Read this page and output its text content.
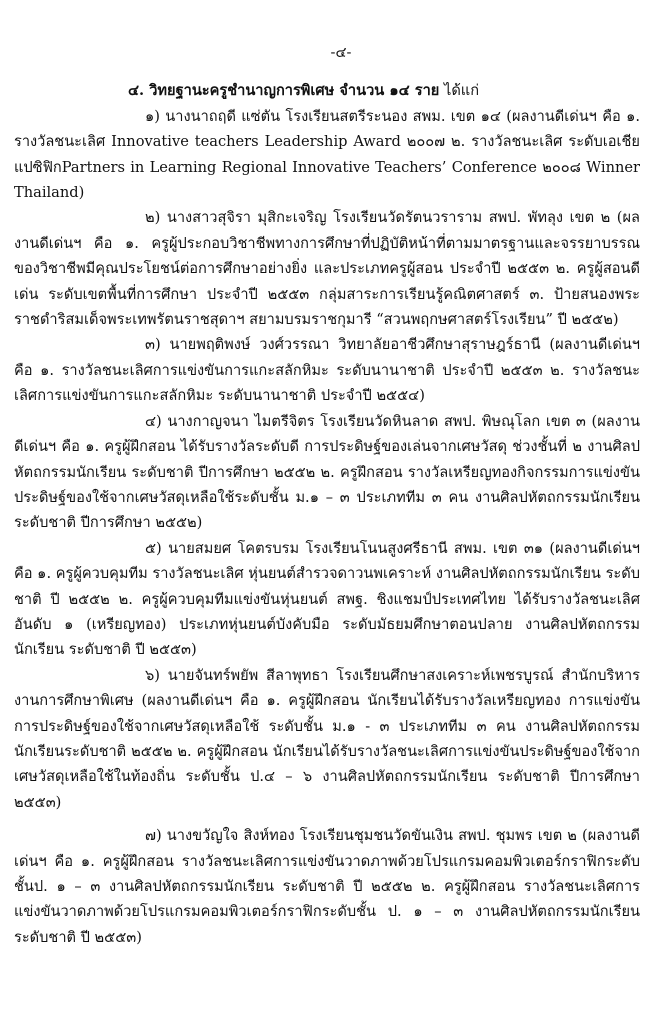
-๔-

๔. วิทยฐานะครูชำนาญการพิเศษ จำนวน ๑๔ ราย ได้แก่

๑) นางนาถฤดี แซ่ตัน โรงเรียนสตรีระนอง สพม. เขต ๑๔ (ผลงานดีเด่นฯ คือ ๑. รางวัลชนะเลิศ Innovative teachers Leadership Award ๒๐๐๗ ๒. รางวัลชนะเลิศ ระดับเอเชียแปซิฟิกPartners in Learning Regional Innovative Teachers’ Conference ๒๐๐๘ Winner Thailand)

๒) นางสาวสุจิรา มุสิกะเจริญ โรงเรียนวัดรัตนวราราม สพป. พัทลุง เขต ๒ (ผลงานดีเด่นฯ คือ ๑. ครูผู้ประกอบวิชาชีพทางการศึกษาที่ปฏิบัติหน้าที่ตามมาตรฐานและจรรยาบรรณของวิชาชีพมีคุณประโยชน์ต่อการศึกษาอย่างยิ่ง และประเภทครูผู้สอน ประจำปี ๒๕๕๓ ๒. ครูผู้สอนดีเด่น ระดับเขตพื้นที่การศึกษา ประจำปี ๒๕๕๓ กลุ่มสาระการเรียนรู้คณิตศาสตร์ ๓. ป้ายสนองพระราชดำริสมเด็จพระเทพรัตนราชสุดาฯ สยามบรมราชกุมารี “สวนพฤกษศาสตร์โรงเรียน” ปี ๒๕๕๒)

๓) นายพฤติพงษ์ วงศ์วรรณา วิทยาลัยอาชีวศึกษาสุราษฎร์ธานี (ผลงานดีเด่นฯ คือ ๑. รางวัลชนะเลิศการแข่งขันการแกะสลักหิมะ ระดับนานาชาติ ประจำปี ๒๕๕๓ ๒. รางวัลชนะเลิศการแข่งขันการแกะสลักหิมะ ระดับนานาชาติ ประจำปี ๒๕๕๔)

๔) นางกาญจนา ไมตรีจิตร โรงเรียนวัดหินลาด สพป. พิษณุโลก เขต ๓ (ผลงานดีเด่นฯ คือ ๑. ครูผู้ฝึกสอน ได้รับรางวัลระดับดี การประดิษฐ์ของเล่นจากเศษวัสดุ ช่วงชั้นที่ ๒ งานศิลปหัตถกรรมนักเรียน ระดับชาติ ปีการศึกษา ๒๕๕๒ ๒. ครูฝึกสอน รางวัลเหรียญทองกิจกรรมการแข่งขันประดิษฐ์ของใช้จากเศษวัสดุเหลือใช้ระดับชั้น ม.๑ – ๓ ประเภททีม ๓ คน งานศิลปหัตถกรรมนักเรียนระดับชาติ ปีการศึกษา ๒๕๕๒)

๕) นายสมยศ โคตรบรม โรงเรียนโนนสูงศรีธานี สพม. เขต ๓๑ (ผลงานดีเด่นฯ คือ ๑. ครูผู้ควบคุมทีม รางวัลชนะเลิศ หุ่นยนต์สำรวจดาวนพเคราะห์ งานศิลปหัตถกรรมนักเรียน ระดับชาติ ปี ๒๕๕๒ ๒. ครูผู้ควบคุมทีมแข่งขันหุ่นยนต์ สพฐ. ชิงแชมป์ประเทศไทย ได้รับรางวัลชนะเลิศอันดับ ๑ (เหรียญทอง) ประเภทหุ่นยนต์บังคับมือ ระดับมัธยมศึกษาตอนปลาย งานศิลปหัตถกรรมนักเรียน ระดับชาติ ปี ๒๕๕๓)

๖) นายจันทร์พยัพ สีลาพุทธา โรงเรียนศึกษาสงเคราะห์เพชรบูรณ์ สำนักบริหารงานการศึกษาพิเศษ (ผลงานดีเด่นฯ คือ ๑. ครูผู้ฝึกสอน นักเรียนได้รับรางวัลเหรียญทอง การแข่งขันการประดิษฐ์ของใช้จากเศษวัสดุเหลือใช้ ระดับชั้น ม.๑ - ๓ ประเภททีม ๓ คน งานศิลปหัตถกรรมนักเรียนระดับชาติ ๒๕๕๒ ๒. ครูผู้ฝึกสอน นักเรียนได้รับรางวัลชนะเลิศการแข่งขันประดิษฐ์ของใช้จากเศษวัสดุเหลือใช้ในท้องถิ่น ระดับชั้น ป.๔ – ๖ งานศิลปหัตถกรรมนักเรียน ระดับชาติ ปีการศึกษา ๒๕๕๓)

๗) นางขวัญใจ สิงห์ทอง โรงเรียนชุมชนวัดขันเงิน สพป. ชุมพร เขต ๒ (ผลงานดีเด่นฯ คือ ๑. ครูผู้ฝึกสอน รางวัลชนะเลิศการแข่งขันวาดภาพด้วยโปรแกรมคอมพิวเตอร์กราฟิกระดับชั้นป. ๑ – ๓ งานศิลปหัตถกรรมนักเรียน ระดับชาติ ปี ๒๕๕๒ ๒. ครูผู้ฝึกสอน รางวัลชนะเลิศการแข่งขันวาดภาพด้วยโปรแกรมคอมพิวเตอร์กราฟิกระดับชั้น ป. ๑ – ๓ งานศิลปหัตถกรรมนักเรียน ระดับชาติ ปี ๒๕๕๓)
